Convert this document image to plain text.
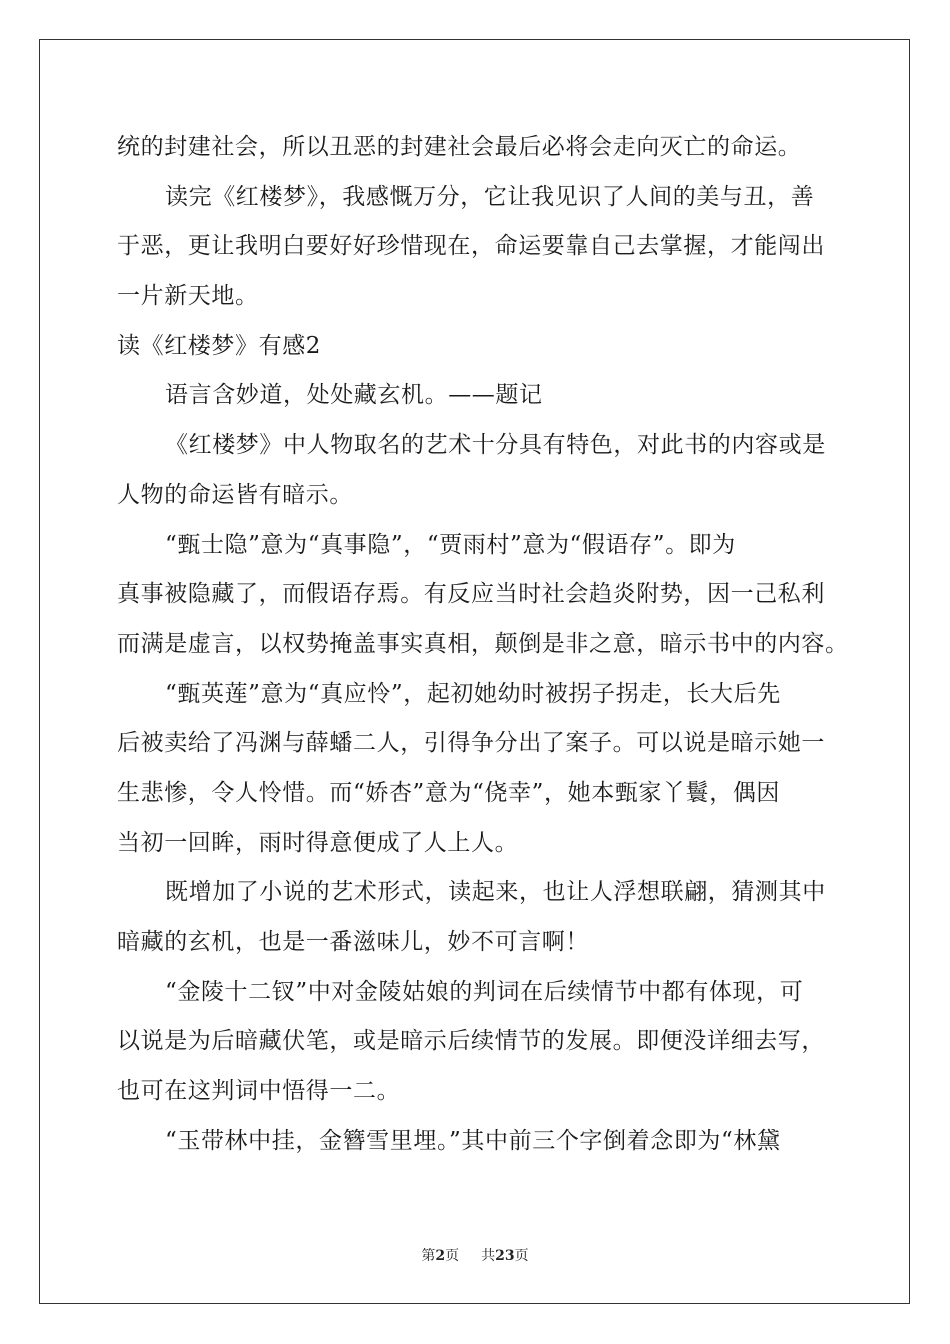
统的封建社会，所以丑恶的封建社会最后必将会走向灭亡的命运。
读完《红楼梦》，我感慨万分，它让我见识了人间的美与丑，善
于恶，更让我明白要好好珍惜现在，命运要靠自己去掌握，才能闯出
一片新天地。
读《红楼梦》有感2
语言含妙道，处处藏玄机。——题记
《红楼梦》中人物取名的艺术十分具有特色，对此书的内容或是
人物的命运皆有暗示。
“甄士隐”意为“真事隐”，“贾雨村”意为“假语存”。即为
真事被隐藏了，而假语存焉。有反应当时社会趋炎附势，因一己私利
而满是虚言，以权势掩盖事实真相，颠倒是非之意，暗示书中的内容。
“甄英莲”意为“真应怜”，起初她幼时被拐子拐走，长大后先
后被卖给了冯渊与薛蟠二人，引得争分出了案子。可以说是暗示她一
生悲惨，令人怜惜。而“娇杏”意为“侥幸”，她本甄家丫鬟，偶因
当初一回眸，雨时得意便成了人上人。
既增加了小说的艺术形式，读起来，也让人浮想联翩，猜测其中
暗藏的玄机，也是一番滋味儿，妙不可言啊！
“金陵十二钗”中对金陵姑娘的判词在后续情节中都有体现，可
以说是为后暗藏伏笔，或是暗示后续情节的发展。即便没详细去写，
也可在这判词中悟得一二。
“玉带林中挂，金簪雪里埋。”其中前三个字倒着念即为“林黛
第2页 共23页
